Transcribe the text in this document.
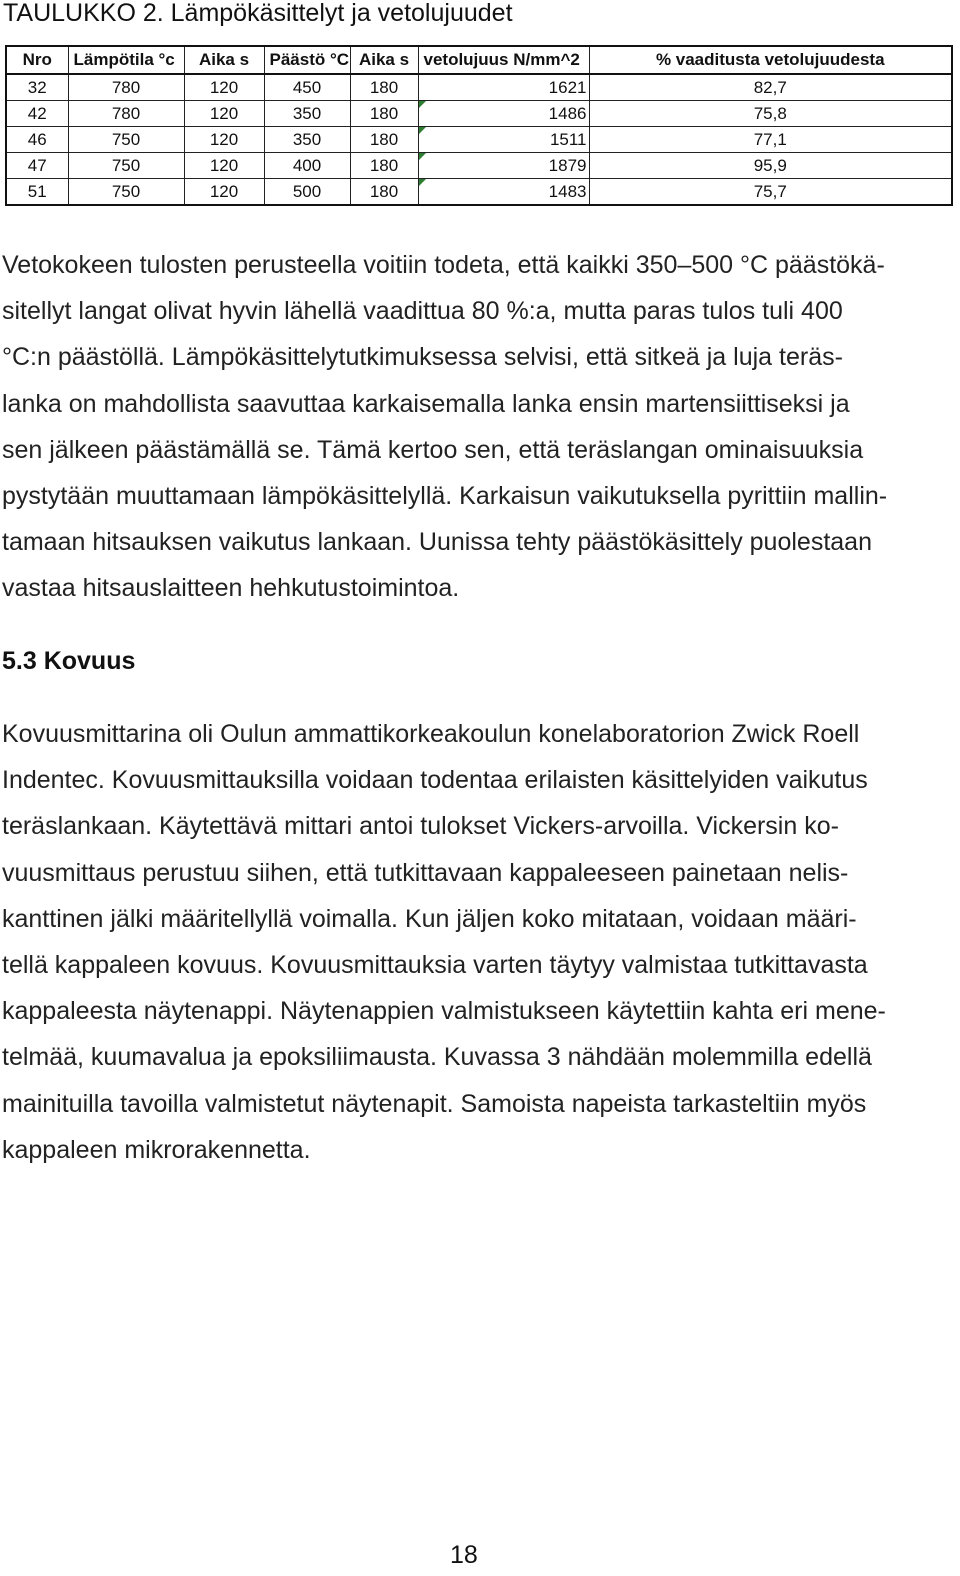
TAULUKKO 2. Lämpökäsittelyt ja vetolujuudet
Nro	Lämpötila °c	Aika s	Päästö °C	Aika s	vetolujuus N/mm^2	% vaaditusta vetolujuudesta
32	780	120	450	180	1621	82,7
42	780	120	350	180	1486	75,8
46	750	120	350	180	1511	77,1
47	750	120	400	180	1879	95,9
51	750	120	500	180	1483	75,7

Vetokokeen tulosten perusteella voitiin todeta, että kaikki 350–500 °C päästökä-
sitellyt langat olivat hyvin lähellä vaadittua 80 %:a, mutta paras tulos tuli 400
°C:n päästöllä. Lämpökäsittelytutkimuksessa selvisi, että sitkeä ja luja teräs-
lanka on mahdollista saavuttaa karkaisemalla lanka ensin martensiittiseksi ja
sen jälkeen päästämällä se. Tämä kertoo sen, että teräslangan ominaisuuksia
pystytään muuttamaan lämpökäsittelyllä. Karkaisun vaikutuksella pyrittiin mallin-
tamaan hitsauksen vaikutus lankaan. Uunissa tehty päästökäsittely puolestaan
vastaa hitsauslaitteen hehkutustoimintoa.

5.3 Kovuus

Kovuusmittarina oli Oulun ammattikorkeakoulun konelaboratorion Zwick Roell
Indentec. Kovuusmittauksilla voidaan todentaa erilaisten käsittelyiden vaikutus
teräslankaan. Käytettävä mittari antoi tulokset Vickers-arvoilla. Vickersin ko-
vuusmittaus perustuu siihen, että tutkittavaan kappaleeseen painetaan nelis-
kanttinen jälki määritellyllä voimalla. Kun jäljen koko mitataan, voidaan määri-
tellä kappaleen kovuus. Kovuusmittauksia varten täytyy valmistaa tutkittavasta
kappaleesta näytenappi. Näytenappien valmistukseen käytettiin kahta eri mene-
telmää, kuumavalua ja epoksiliimausta. Kuvassa 3 nähdään molemmilla edellä
mainituilla tavoilla valmistetut näytenapit. Samoista napeista tarkasteltiin myös
kappaleen mikrorakennetta.

18
